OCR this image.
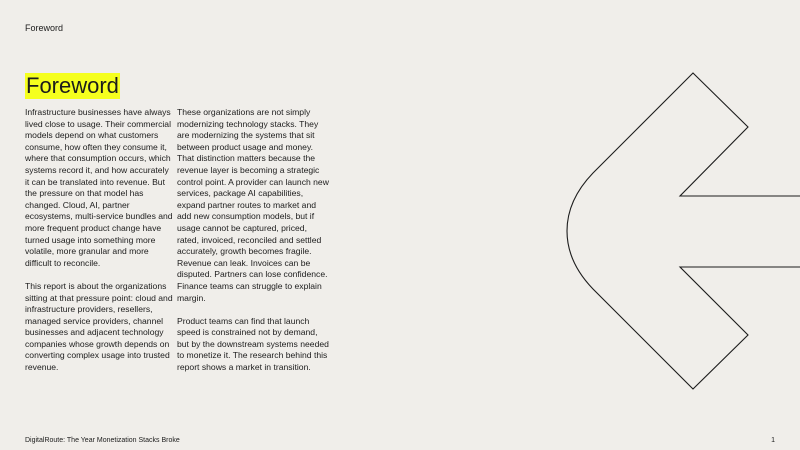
Foreword
Foreword

Infrastructure businesses have always lived close to usage. Their commercial models depend on what customers consume, how often they consume it, where that consumption occurs, which systems record it, and how accurately it can be translated into revenue. But the pressure on that model has changed. Cloud, AI, partner ecosystems, multi-service bundles and more frequent product change have turned usage into something more volatile, more granular and more difficult to reconcile.

This report is about the organizations sitting at that pressure point: cloud and infrastructure providers, resellers, managed service providers, channel businesses and adjacent technology companies whose growth depends on converting complex usage into trusted revenue.

These organizations are not simply modernizing technology stacks. They are modernizing the systems that sit between product usage and money. That distinction matters because the revenue layer is becoming a strategic control point. A provider can launch new services, package AI capabilities, expand partner routes to market and add new consumption models, but if usage cannot be captured, priced, rated, invoiced, reconciled and settled accurately, growth becomes fragile. Revenue can leak. Invoices can be disputed. Partners can lose confidence. Finance teams can struggle to explain margin.

Product teams can find that launch speed is constrained not by demand, but by the downstream systems needed to monetize it. The research behind this report shows a market in transition.

DigitalRoute: The Year Monetization Stacks Broke	1
